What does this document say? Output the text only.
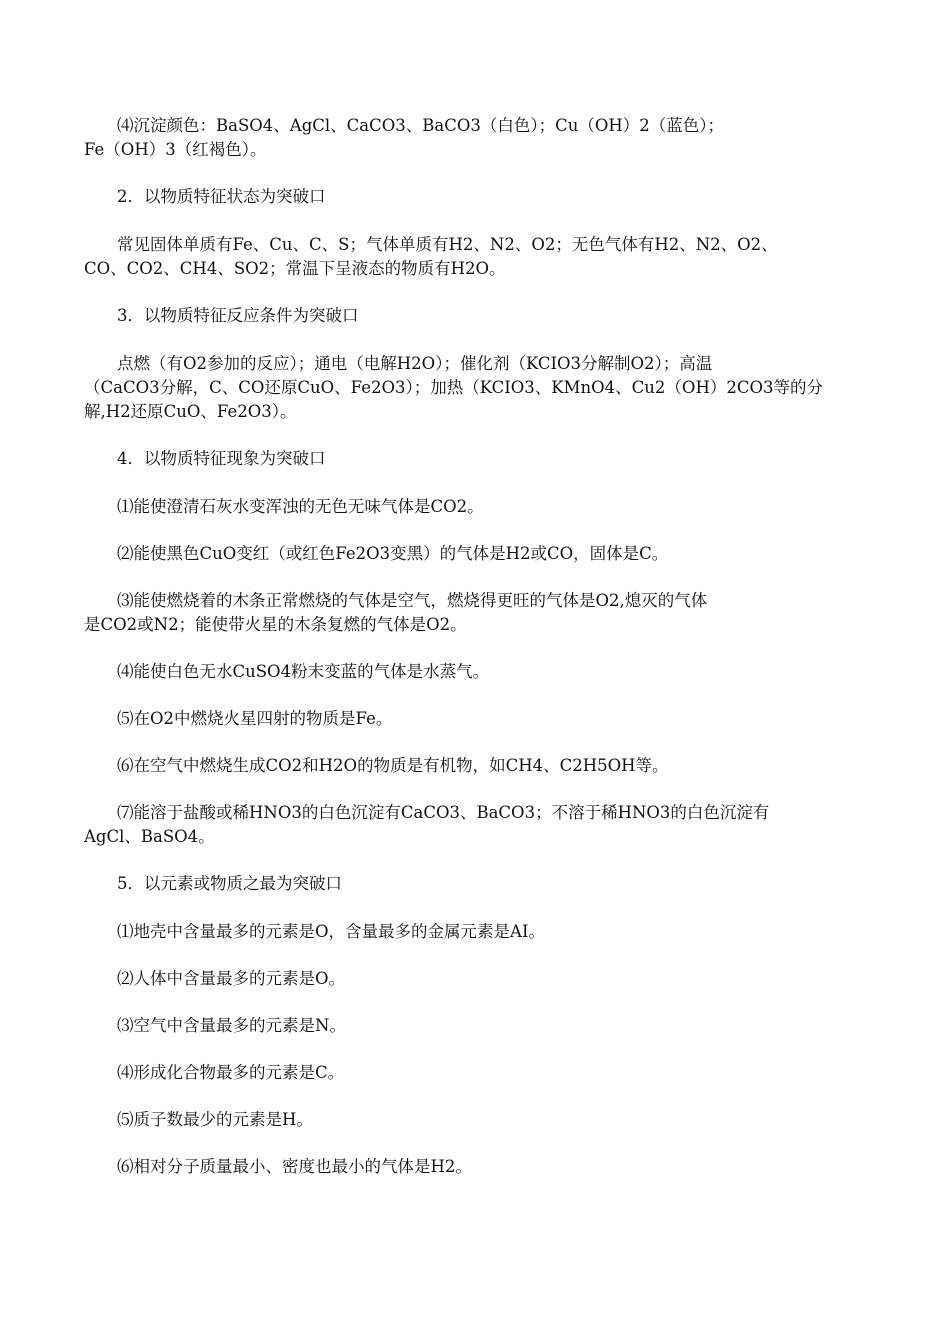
⑷沉淀颜色：BaSO4、AgCl、CaCO3、BaCO3（白色）；Cu（OH）2（蓝色）；
Fe（OH）3（红褐色）。

2．以物质特征状态为突破口

常见固体单质有Fe、Cu、C、S；气体单质有H2、N2、O2；无色气体有H2、N2、O2、
CO、CO2、CH4、SO2；常温下呈液态的物质有H2O。

3．以物质特征反应条件为突破口

点燃（有O2参加的反应）；通电（电解H2O）；催化剂（KCIO3分解制O2）；高温
（CaCO3分解，C、CO还原CuO、Fe2O3）；加热（KCIO3、KMnO4、Cu2（OH）2CO3等的分
解,H2还原CuO、Fe2O3）。

4．以物质特征现象为突破口

⑴能使澄清石灰水变浑浊的无色无味气体是CO2。

⑵能使黑色CuO变红（或红色Fe2O3变黑）的气体是H2或CO，固体是C。

⑶能使燃烧着的木条正常燃烧的气体是空气，燃烧得更旺的气体是O2,熄灭的气体
是CO2或N2；能使带火星的木条复燃的气体是O2。

⑷能使白色无水CuSO4粉末变蓝的气体是水蒸气。

⑸在O2中燃烧火星四射的物质是Fe。

⑹在空气中燃烧生成CO2和H2O的物质是有机物，如CH4、C2H5OH等。

⑺能溶于盐酸或稀HNO3的白色沉淀有CaCO3、BaCO3；不溶于稀HNO3的白色沉淀有
AgCl、BaSO4。

5．以元素或物质之最为突破口

⑴地壳中含量最多的元素是O，含量最多的金属元素是AI。

⑵人体中含量最多的元素是O。

⑶空气中含量最多的元素是N。

⑷形成化合物最多的元素是C。

⑸质子数最少的元素是H。

⑹相对分子质量最小、密度也最小的气体是H2。
